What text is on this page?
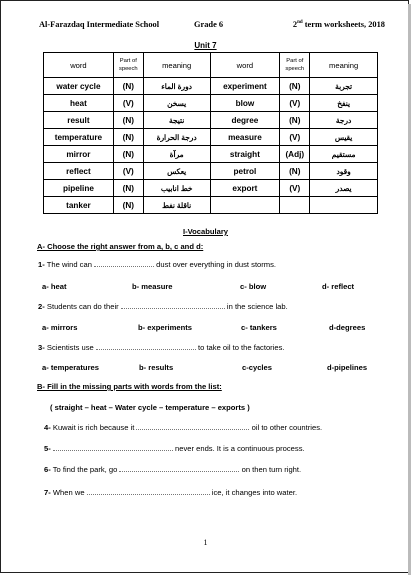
Al-Farazdaq Intermediate School	Grade 6	2nd term worksheets, 2018
Unit 7
word	Part of speech	meaning	word	Part of speech	meaning
water cycle	(N)	دورة الماء	experiment	(N)	تجربة
heat	(V)	يسخن	blow	(V)	ينفخ
result	(N)	نتيجة	degree	(N)	درجة
temperature	(N)	درجة الحرارة	measure	(V)	يقيس
mirror	(N)	مرآة	straight	(Adj)	مستقيم
reflect	(V)	يعكس	petrol	(N)	وقود
pipeline	(N)	خط انابيب	export	(V)	يصدر
tanker	(N)	ناقلة نفط			
I-Vocabulary
A- Choose the right answer from a, b, c and d:
1- The wind can	dust over everything in dust storms.
a- heat	b- measure	c- blow	d- reflect
2- Students can do their	in the science lab.
a- mirrors	b- experiments	c- tankers	d-degrees
3- Scientists use	to take oil to the factories.
a- temperatures	b- results	c-cycles	d-pipelines
B- Fill in the missing parts with words from the list:
( straight – heat – Water cycle – temperature – exports )
4- Kuwait is rich because it	oil to other countries.
5-	never ends. It is a continuous process.
6- To find the park, go	on then turn right.
7- When we	ice, it changes into water.
1
